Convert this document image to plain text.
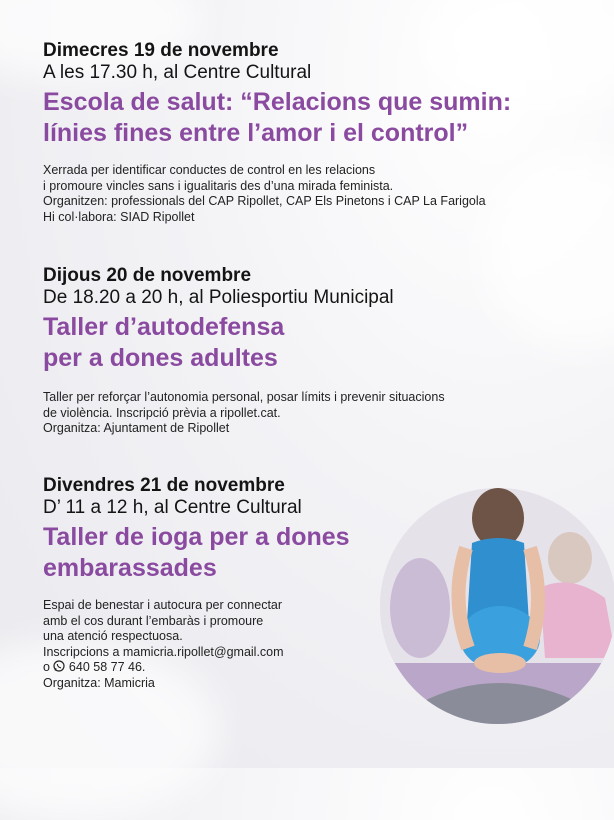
Dimecres 19 de novembre
A les 17.30 h, al Centre Cultural
Escola de salut: “Relacions que sumin:
línies fines entre l’amor i el control”
Xerrada per identificar conductes de control en les relacions
i promoure vincles sans i igualitaris des d’una mirada feminista.
Organitzen: professionals del CAP Ripollet, CAP Els Pinetons i CAP La Farigola
Hi col·labora: SIAD Ripollet
Dijous 20 de novembre
De 18.20 a 20 h, al Poliesportiu Municipal
Taller d’autodefensa
per a dones adultes
Taller per reforçar l’autonomia personal, posar límits i prevenir situacions
de violència. Inscripció prèvia a ripollet.cat.
Organitza: Ajuntament de Ripollet
Divendres 21 de novembre
D’ 11 a 12 h, al Centre Cultural
Taller de ioga per a dones
embarassades
Espai de benestar i autocura per connectar
amb el cos durant l’embaràs i promoure
una atenció respectuosa.
Inscripcions a mamicria.ripollet@gmail.com
o 640 58 77 46.
Organitza: Mamicria
